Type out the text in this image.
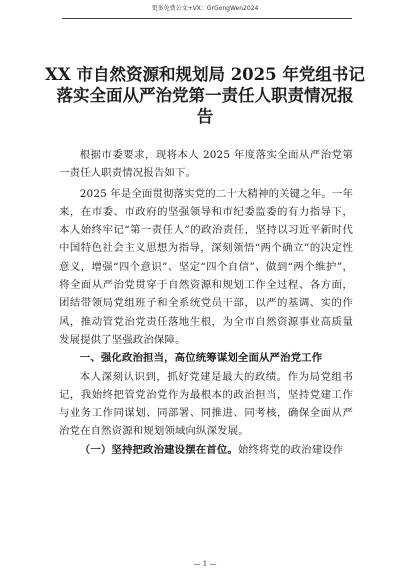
更多免费公文+VX：GrGongWen2024
XX 市自然资源和规划局 2025 年党组书记
落实全面从严治党第一责任人职责情况报
告

根据市委要求，现将本人 2025 年度落实全面从严治党第一责任人职责情况报告如下。

2025 年是全面贯彻落实党的二十大精神的关键之年。一年来，在市委、市政府的坚强领导和市纪委监委的有力指导下，本人始终牢记“第一责任人”的政治责任，坚持以习近平新时代中国特色社会主义思想为指导，深刻领悟“两个确立”的决定性意义，增强“四个意识”、坚定“四个自信”、做到“两个维护”，将全面从严治党贯穿于自然资源和规划工作全过程、各方面，团结带领局党组班子和全系统党员干部，以严的基调、实的作风，推动管党治党责任落地生根，为全市自然资源事业高质量发展提供了坚强政治保障。

一、强化政治担当，高位统筹谋划全面从严治党工作

本人深刻认识到，抓好党建是最大的政绩。作为局党组书记，我始终把管党治党作为最根本的政治担当，坚持党建工作与业务工作同谋划、同部署、同推进、同考核，确保全面从严治党在自然资源和规划领域向纵深发展。

（一）坚持把政治建设摆在首位。始终将党的政治建设作

— 1 —
